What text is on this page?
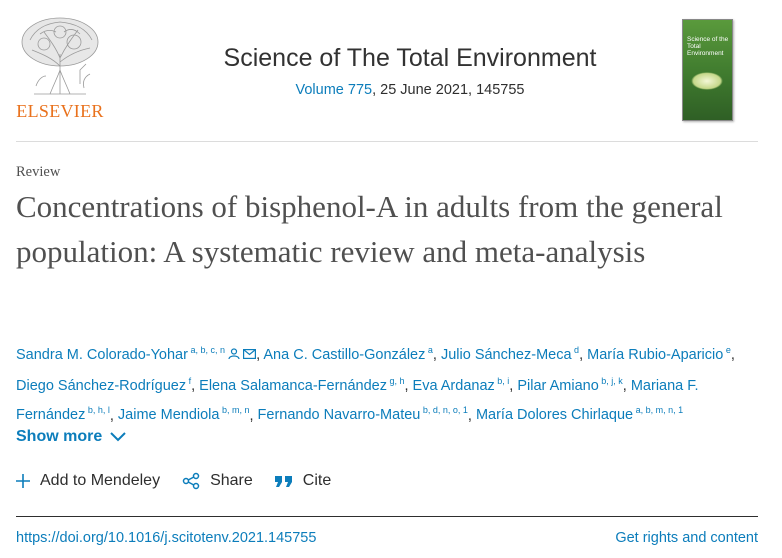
ELSEVIER
Science of The Total Environment
Volume 775, 25 June 2021, 145755
Science of the Total Environment
Review
Concentrations of bisphenol-A in adults from the general population: A systematic review and meta-analysis
Sandra M. Colorado-Yohar $^{a, b, c, n}$ , Ana C. Castillo-González $^a$, Julio Sánchez-Meca $^d$, María Rubio-Aparicio $^e$, Diego Sánchez-Rodríguez $^f$, Elena Salamanca-Fernández $^{g, h}$, Eva Ardanaz $^{b, i}$, Pilar Amiano $^{b, j, k}$, Mariana F. Fernández $^{b, h, l}$, Jaime Mendiola $^{b, m, n}$, Fernando Navarro-Mateu $^{b, d, n, o, 1}$, María Dolores Chirlaque $^{a, b, m, n, 1}$
Show more
Add to Mendeley	Share	Cite
https://doi.org/10.1016/j.scitotenv.2021.145755	Get rights and content
